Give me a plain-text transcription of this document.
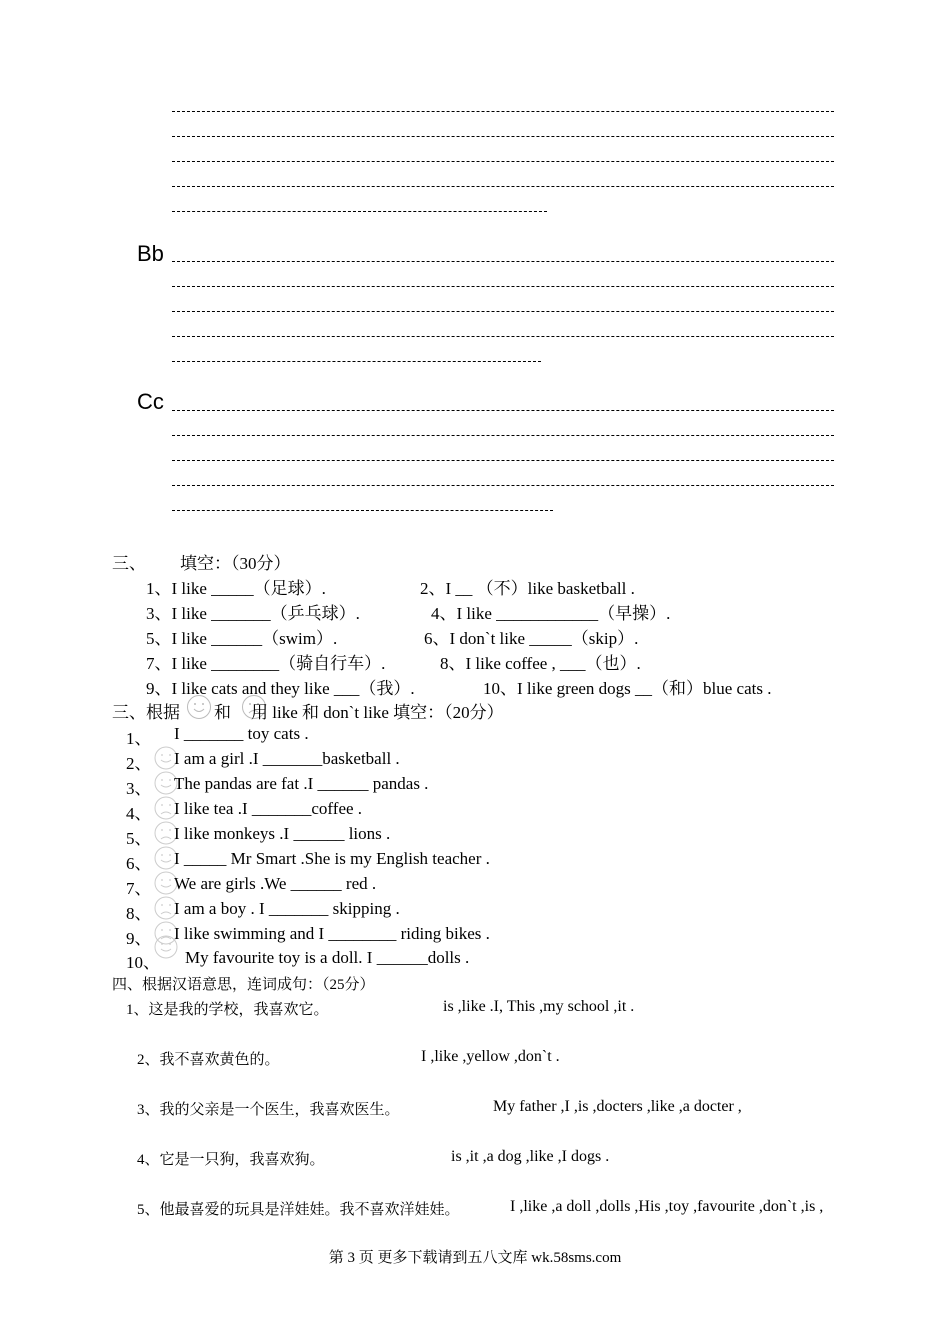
Bb
Cc
三、 填空：（30分）
1、I like _____（足球）.	2、I __ （不）like basketball .
3、I like _______（乒乓球）.	4、I like ____________（早操）.
5、I like ______（swim）.	6、I don`t like _____（skip）.
7、I like ________（骑自行车）.	8、I like coffee , ___（也）.
9、I like cats and they like ___（我）.	10、I like green dogs __（和）blue cats .
三、根据 和 用 like 和 don`t like 填空：（20分）
1、 I _______ toy cats .
2、 I am a girl .I _______basketball .
3、 The pandas are fat .I ______ pandas .
4、 I like tea .I _______coffee .
5、 I like monkeys .I ______ lions .
6、 I _____ Mr Smart .She is my English teacher .
7、 We are girls .We ______ red .
8、 I am a boy . I _______ skipping .
9、 I like swimming and I ________ riding bikes .
10、 My favourite toy is a doll. I ______dolls .
四、根据汉语意思，连词成句：（25分）
1、这是我的学校，我喜欢它。	is ,like .I, This ,my school ,it .
2、我不喜欢黄色的。	I ,like ,yellow ,don`t .
3、我的父亲是一个医生，我喜欢医生。	My father ,I ,is ,docters ,like ,a docter ,
4、它是一只狗，我喜欢狗。	is ,it ,a dog ,like ,I dogs .
5、他最喜爱的玩具是洋娃娃。我不喜欢洋娃娃。	I ,like ,a doll ,dolls ,His ,toy ,favourite ,don`t ,is ,
第 3 页 更多下载请到五八文库 wk.58sms.com
